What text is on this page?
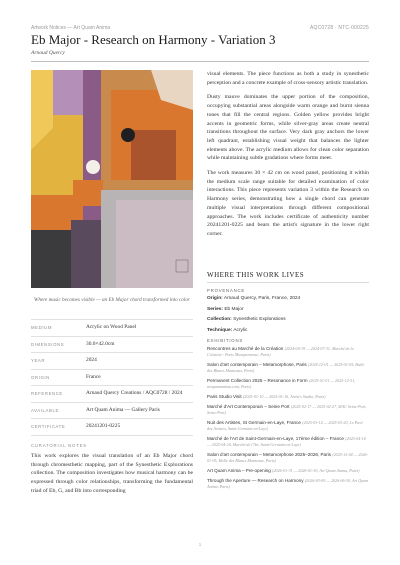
Artwork Notices — Art Quam Anima	AQC0728 · NTC-000225
Eb Major - Research on Harmony - Variation 3
Arnaud Quercy
Where music becomes visible — an Eb Major chord transformed into color
MEDIUM	Acrylic on Wood Panel
DIMENSIONS	30.0×42.0cm
YEAR	2024
ORIGIN	France
REFERENCE	Arnaud Quercy Creations / AQC0728 / 2024
AVAILABLE	Art Quam Anima — Gallery Paris
CERTIFICATE	20241201-0225
CURATORIAL NOTES
This work explores the visual translation of an Eb Major chord through chromesthetic mapping, part of the Synesthetic Explorations collection. The composition investigates how musical harmony can be expressed through color relationships, transforming the fundamental triad of Eb, G, and Bb into corresponding

visual elements. The piece functions as both a study in synesthetic perception and a concrete example of cross-sensory artistic translation.

Dusty mauve dominates the upper portion of the composition, occupying substantial areas alongside warm orange and burnt sienna tones that fill the central regions. Golden yellow provides bright accents in geometric forms, while silver-gray areas create neutral transitions throughout the surface. Very dark gray anchors the lower left quadrant, establishing visual weight that balances the lighter elements above. The acrylic medium allows for clean color separation while maintaining subtle gradations where forms meet.

The work measures 30 × 42 cm on wood panel, positioning it within the medium scale range suitable for detailed examination of color interactions. This piece represents variation 3 within the Research on Harmony series, demonstrating how a single chord can generate multiple visual interpretations through different compositional approaches. The work includes certificate of authenticity number 20241201-0225 and bears the artist's signature in the lower right corner.

WHERE THIS WORK LIVES
PROVENANCE
Origin: Arnaud Quercy, Paris, France, 2024
Series: Eb Major
Collection: Synesthetic Explorations
Technique: Acrylic
EXHIBITIONS
Rencontres au Marché de la Création (2024-04-19 — 2024-07-31, Marché de la Création - Paris Montparnasse, Paris)
Salon d'art contemporain – Metamorphose, Paris (2024-12-01 — 2025-01-05, Halle des Blancs Manteaux, Paris)
Permanent Collection 2025 – Resonance in Form (2025-01-01 — 2025-12-31, artquamanima.com, Paris)
Paris Studio Visit (2025-01-10 — 2025-01-16, Artist's Studio, Paris)
Marché d'Art Contemporain – Seine Port (2025-02-17 — 2025-02-27, MAC Seine-Port, Seine-Port)
Nuit des Artistes, St Germain-en-Laye, France (2025-03-14 — 2025-03-20, Le Pavé des Artistes, Saint-Germain-en-Laye)
Marché de l'Art de Saint-Germain-en-Laye, 17ème édition – France (2025-04-14 — 2025-04-24, Marché de l'Art, Saint-Germain-en-Laye)
Salon d'art contemporain – Metamorphose 2025–2026, Paris (2025-12-04 — 2026-01-05, Halle des Blancs Manteaux, Paris)
Art Quam Anima – Pre-opening (2026-01-31 — 2026-01-30, Art Quam Anima, Paris)
Through the Aperture — Research on Harmony (2026-03-09 — 2026-06-30, Art Quam Anima, Paris)
1
